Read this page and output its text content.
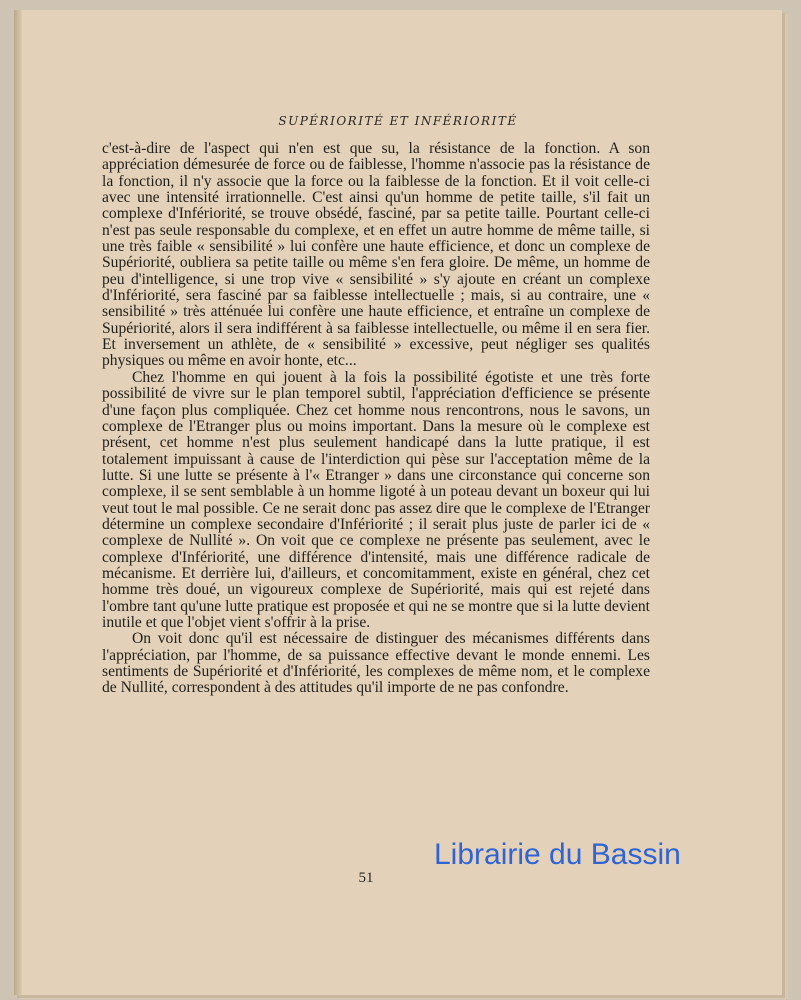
SUPÉRIORITÉ ET INFÉRIORITÉ

c'est-à-dire de l'aspect qui n'en est que su, la résistance de la fonction. A son appréciation démesurée de force ou de faiblesse, l'homme n'associe pas la résistance de la fonction, il n'y associe que la force ou la faiblesse de la fonction. Et il voit celle-ci avec une intensité irrationnelle. C'est ainsi qu'un homme de petite taille, s'il fait un complexe d'Infériorité, se trouve obsédé, fasciné, par sa petite taille. Pourtant celle-ci n'est pas seule responsable du complexe, et en effet un autre homme de même taille, si une très faible « sensibilité » lui confère une haute efficience, et donc un complexe de Supériorité, oubliera sa petite taille ou même s'en fera gloire. De même, un homme de peu d'intelligence, si une trop vive « sensibilité » s'y ajoute en créant un complexe d'Infériorité, sera fasciné par sa faiblesse intellectuelle ; mais, si au contraire, une « sensibilité » très atténuée lui confère une haute efficience, et entraîne un complexe de Supériorité, alors il sera indifférent à sa faiblesse intellectuelle, ou même il en sera fier. Et inversement un athlète, de « sensibilité » excessive, peut négliger ses qualités physiques ou même en avoir honte, etc...

Chez l'homme en qui jouent à la fois la possibilité égotiste et une très forte possibilité de vivre sur le plan temporel subtil, l'appréciation d'efficience se présente d'une façon plus compliquée. Chez cet homme nous rencontrons, nous le savons, un complexe de l'Etranger plus ou moins important. Dans la mesure où le complexe est présent, cet homme n'est plus seulement handicapé dans la lutte pratique, il est totalement impuissant à cause de l'interdiction qui pèse sur l'acceptation même de la lutte. Si une lutte se présente à l'« Etranger » dans une circonstance qui concerne son complexe, il se sent semblable à un homme ligoté à un poteau devant un boxeur qui lui veut tout le mal possible. Ce ne serait donc pas assez dire que le complexe de l'Etranger détermine un complexe secondaire d'Infériorité ; il serait plus juste de parler ici de « complexe de Nullité ». On voit que ce complexe ne présente pas seulement, avec le complexe d'Infériorité, une différence d'intensité, mais une différence radicale de mécanisme. Et derrière lui, d'ailleurs, et concomitamment, existe en général, chez cet homme très doué, un vigoureux complexe de Supériorité, mais qui est rejeté dans l'ombre tant qu'une lutte pratique est proposée et qui ne se montre que si la lutte devient inutile et que l'objet vient s'offrir à la prise.

On voit donc qu'il est nécessaire de distinguer des mécanismes différents dans l'appréciation, par l'homme, de sa puissance effective devant le monde ennemi. Les sentiments de Supériorité et d'Infériorité, les complexes de même nom, et le complexe de Nullité, correspondent à des attitudes qu'il importe de ne pas confondre.

Librairie du Bassin
51
